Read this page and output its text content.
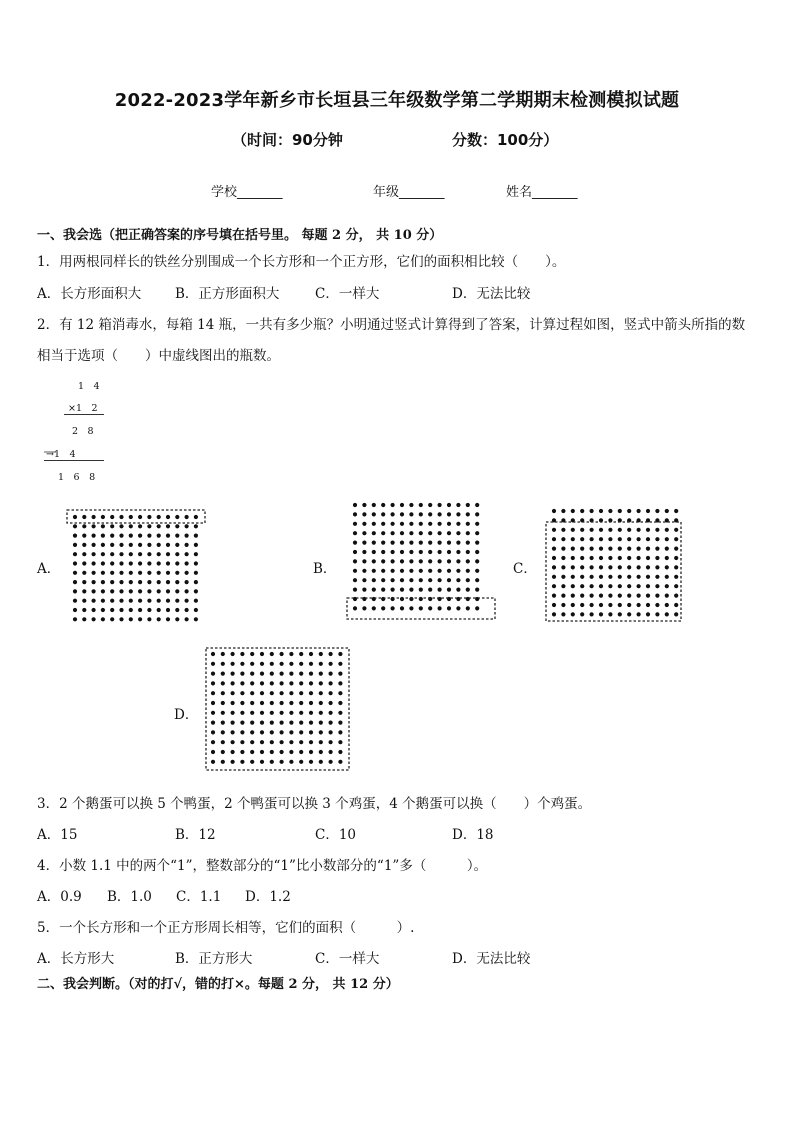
2022-2023学年新乡市长垣县三年级数学第二学期期末检测模拟试题
（时间：90分钟	分数：100分）
学校_______	年级_______	姓名_______
一、我会选（把正确答案的序号填在括号里。 每题 2 分， 共 10 分）
1．用两根同样长的铁丝分别围成一个长方形和一个正方形，它们的面积相比较（　　）。
A．长方形面积大	B．正方形面积大	C．一样大	D．无法比较
2．有 12 箱消毒水，每箱 14 瓶，一共有多少瓶？小明通过竖式计算得到了答案，计算过程如图，竖式中箭头所指的数
相当于选项（　　）中虚线图出的瓶数。
1　4
×1　2
2　8
→1　4
1　6　8
A．	B．	C．
D．
3．2 个鹅蛋可以换 5 个鸭蛋，2 个鸭蛋可以换 3 个鸡蛋，4 个鹅蛋可以换（　　）个鸡蛋。
A．15	B．12	C．10	D．18
4．小数 1.1 中的两个“1”，整数部分的“1”比小数部分的“1”多（　　　）。
A．0.9 B．1.0 C．1.1 D．1.2
5．一个长方形和一个正方形周长相等，它们的面积（　　　）.
A．长方形大	B．正方形大	C．一样大	D．无法比较
二、我会判断。（对的打√，错的打×。每题 2 分， 共 12 分）
